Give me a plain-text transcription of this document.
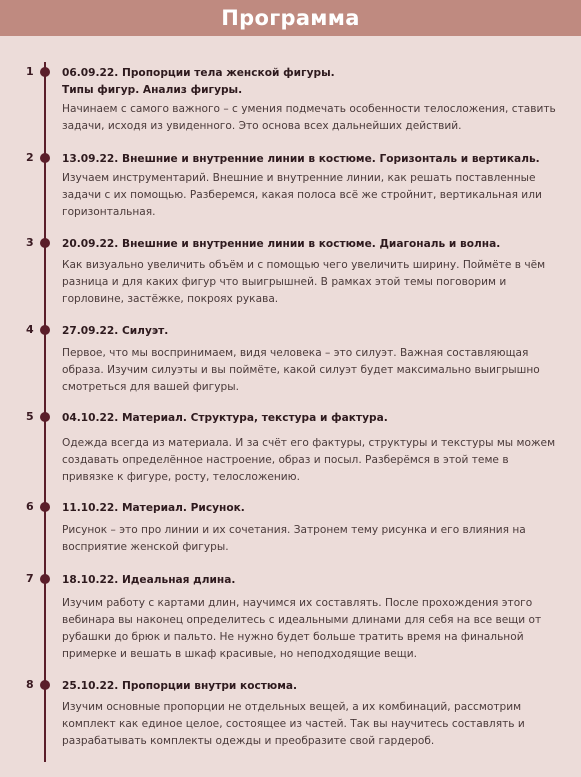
Программа
1	06.09.22. Пропорции тела женской фигуры.
Типы фигур. Анализ фигуры.
Начинаем с самого важного – с умения подмечать особенности телосложения, ставить задачи, исходя из увиденного. Это основа всех дальнейших действий.
2	13.09.22. Внешние и внутренние линии в костюме. Горизонталь и вертикаль.
Изучаем инструментарий. Внешние и внутренние линии, как решать поставленные задачи с их помощью. Разберемся, какая полоса всё же стройнит, вертикальная или горизонтальная.
3	20.09.22. Внешние и внутренние линии в костюме. Диагональ и волна.
Как визуально увеличить объём и с помощью чего увеличить ширину. Поймёте в чём разница и для каких фигур что выигрышней. В рамках этой темы поговорим и горловине, застёжке, покроях рукава.
4	27.09.22. Силуэт.
Первое, что мы воспринимаем, видя человека – это силуэт. Важная составляющая образа. Изучим силуэты и вы поймёте, какой силуэт будет максимально выигрышно смотреться для вашей фигуры.
5	04.10.22. Материал. Структура, текстура и фактура.
Одежда всегда из материала. И за счёт его фактуры, структуры и текстуры мы можем создавать определённое настроение, образ и посыл. Разберёмся в этой теме в привязке к фигуре, росту, телосложению.
6	11.10.22. Материал. Рисунок.
Рисунок – это про линии и их сочетания. Затронем тему рисунка и его влияния на восприятие женской фигуры.
7	18.10.22. Идеальная длина.
Изучим работу с картами длин, научимся их составлять. После прохождения этого вебинара вы наконец определитесь с идеальными длинами для себя на все вещи от рубашки до брюк и пальто. Не нужно будет больше тратить время на финальной примерке и вешать в шкаф красивые, но неподходящие вещи.
8	25.10.22. Пропорции внутри костюма.
Изучим основные пропорции не отдельных вещей, а их комбинаций, рассмотрим комплект как единое целое, состоящее из частей. Так вы научитесь составлять и разрабатывать комплекты одежды и преобразите свой гардероб.
